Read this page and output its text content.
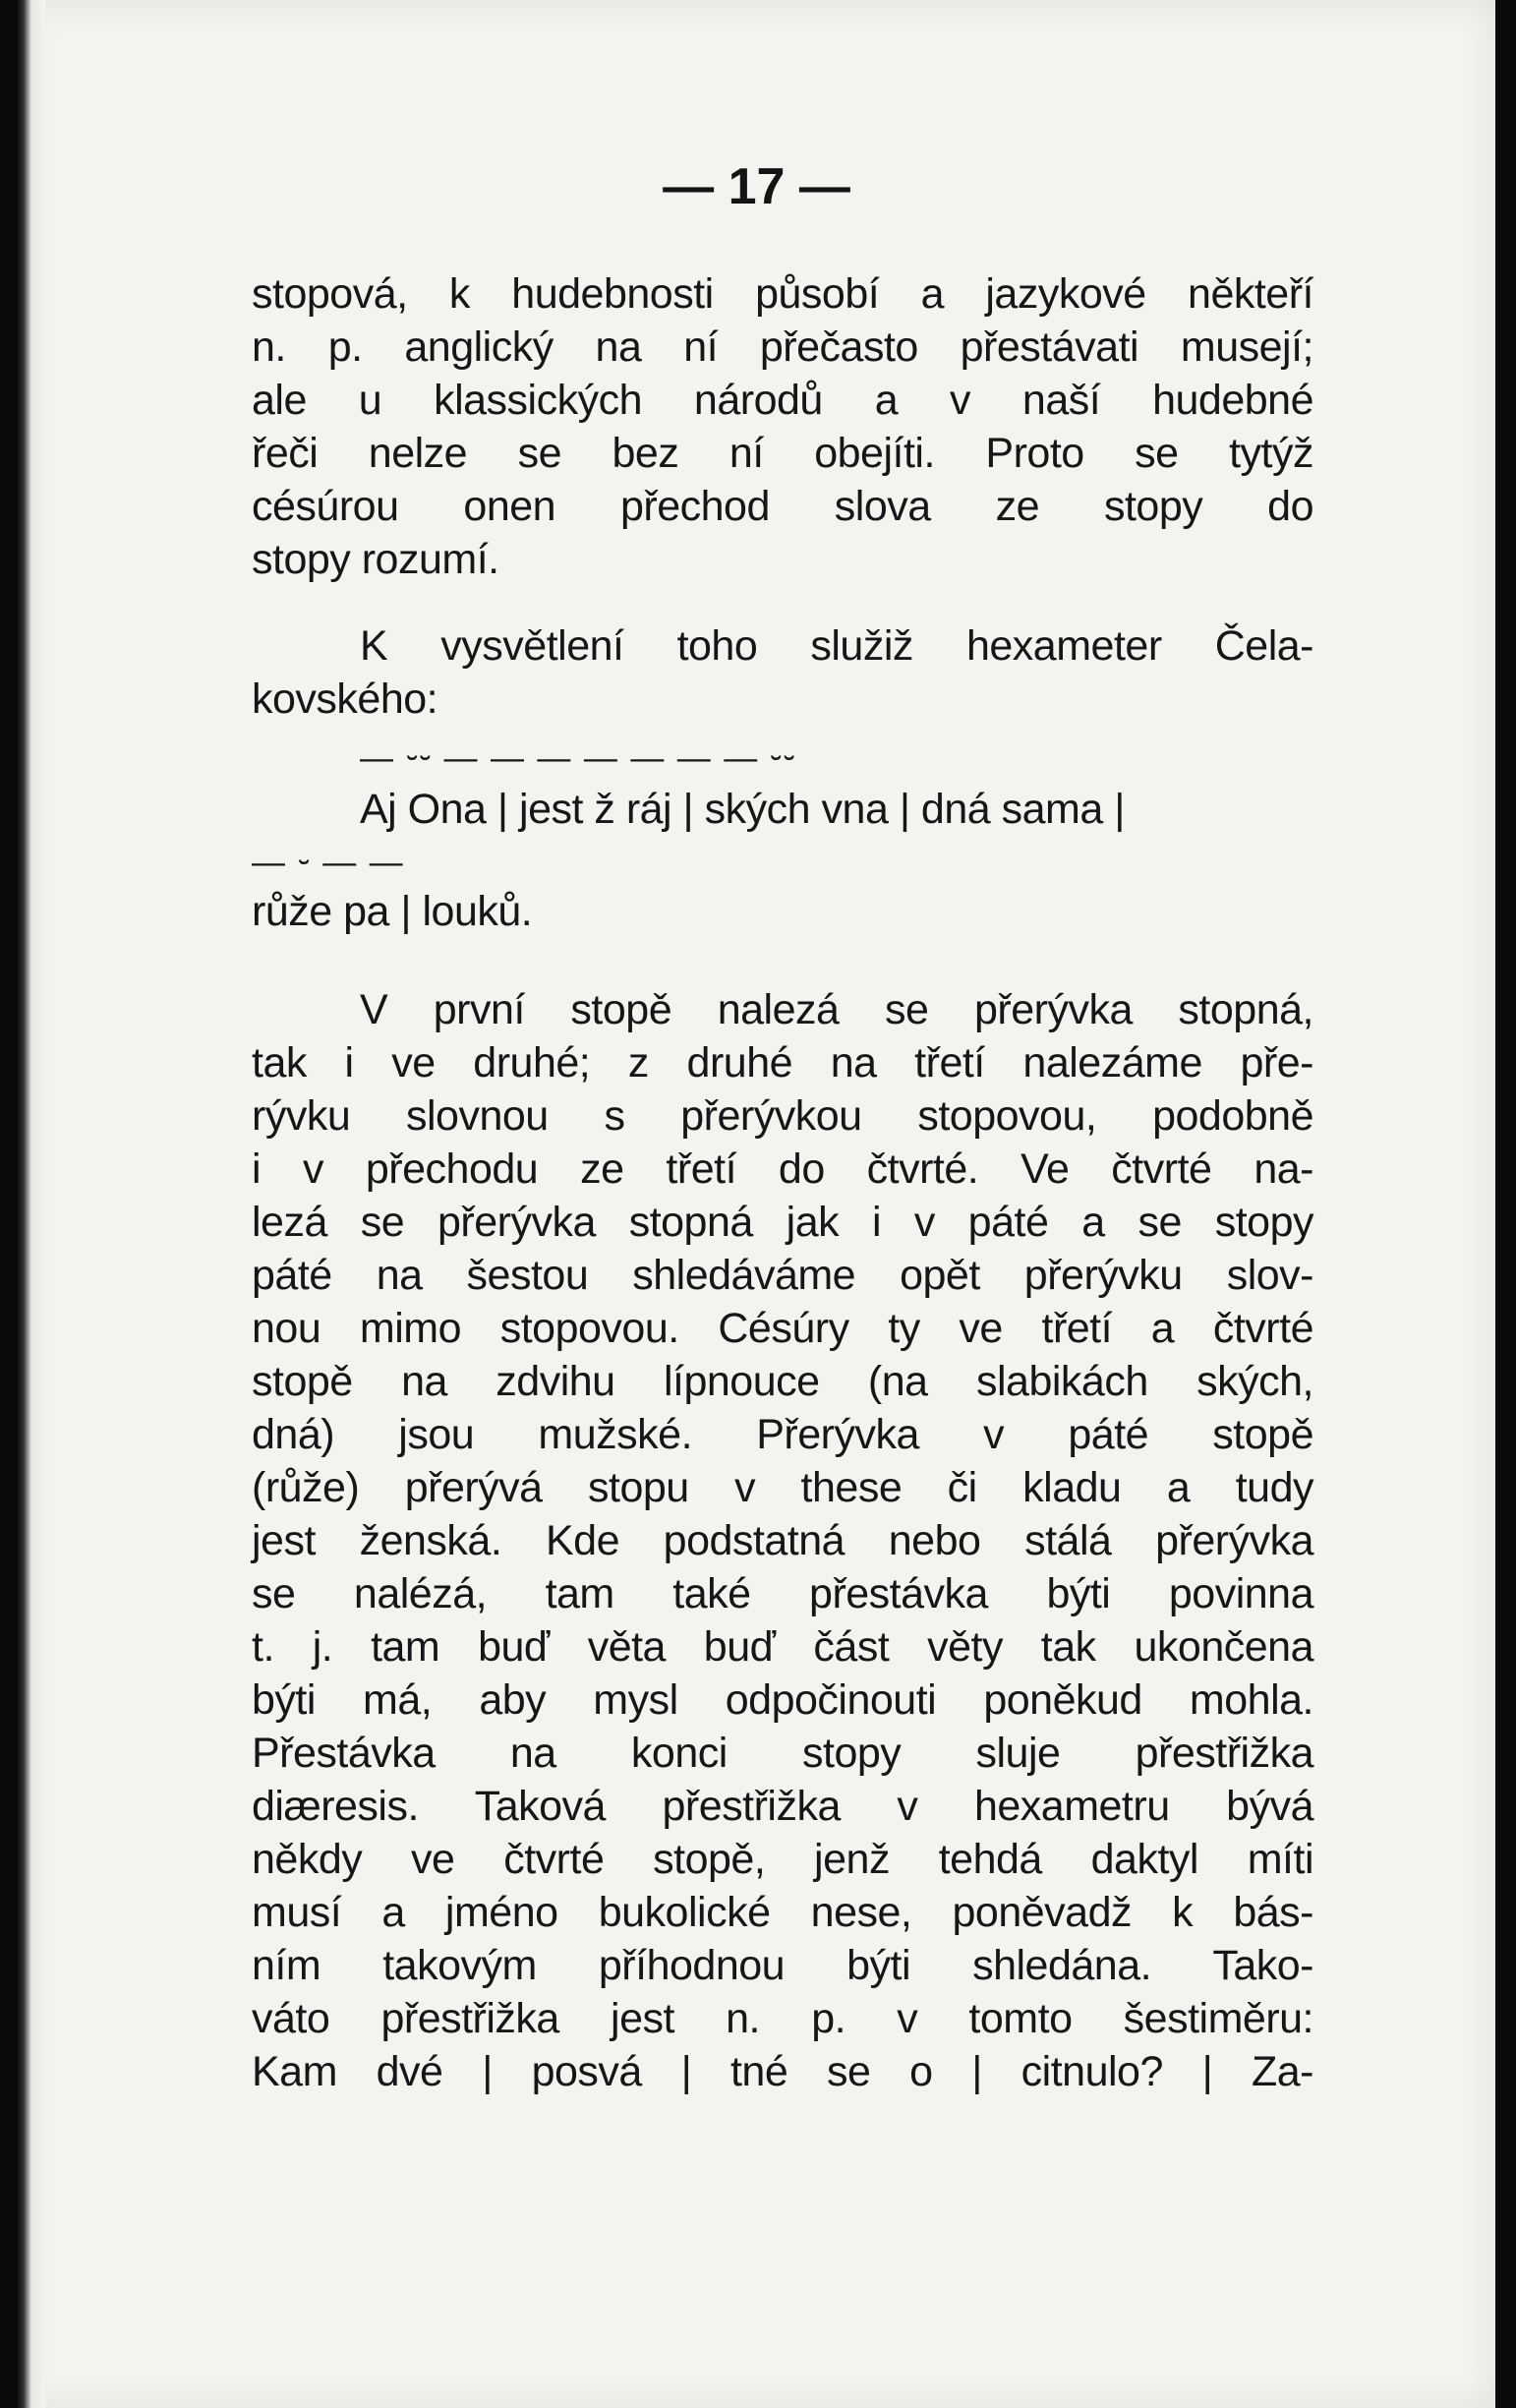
— 17 —
stopová, k hudebnosti působí a jazykové někteří
n. p. anglický na ní přečasto přestávati musejí;
ale u klassických národů a v naší hudebné
řeči nelze se bez ní obejíti. Proto se tytýž
césúrou onen přechod slova ze stopy do
stopy rozumí.
K vysvětlení toho služiž hexameter Čela-
kovského:
— ⏑⏑ — — — — — — — ⏑⏑
Aj Ona | jest ž ráj | ských vna | dná sama |
— ⏑ — —
růže pa | louků.
V první stopě nalezá se přerývka stopná,
tak i ve druhé; z druhé na třetí nalezáme pře-
rývku slovnou s přerývkou stopovou, podobně
i v přechodu ze třetí do čtvrté. Ve čtvrté na-
lezá se přerývka stopná jak i v páté a se stopy
páté na šestou shledáváme opět přerývku slov-
nou mimo stopovou. Césúry ty ve třetí a čtvrté
stopě na zdvihu lípnouce (na slabikách ských,
dná) jsou mužské. Přerývka v páté stopě
(růže) přerývá stopu v these či kladu a tudy
jest ženská. Kde podstatná nebo stálá přerývka
se nalézá, tam také přestávka býti povinna
t. j. tam buď věta buď část věty tak ukončena
býti má, aby mysl odpočinouti poněkud mohla.
Přestávka na konci stopy sluje přestřižka
diæresis. Taková přestřižka v hexametru bývá
někdy ve čtvrté stopě, jenž tehdá daktyl míti
musí a jméno bukolické nese, poněvadž k bás-
ním takovým příhodnou býti shledána. Tako-
váto přestřižka jest n. p. v tomto šestiměru:
Kam dvé | posvá | tné se o | citnulo? | Za-
